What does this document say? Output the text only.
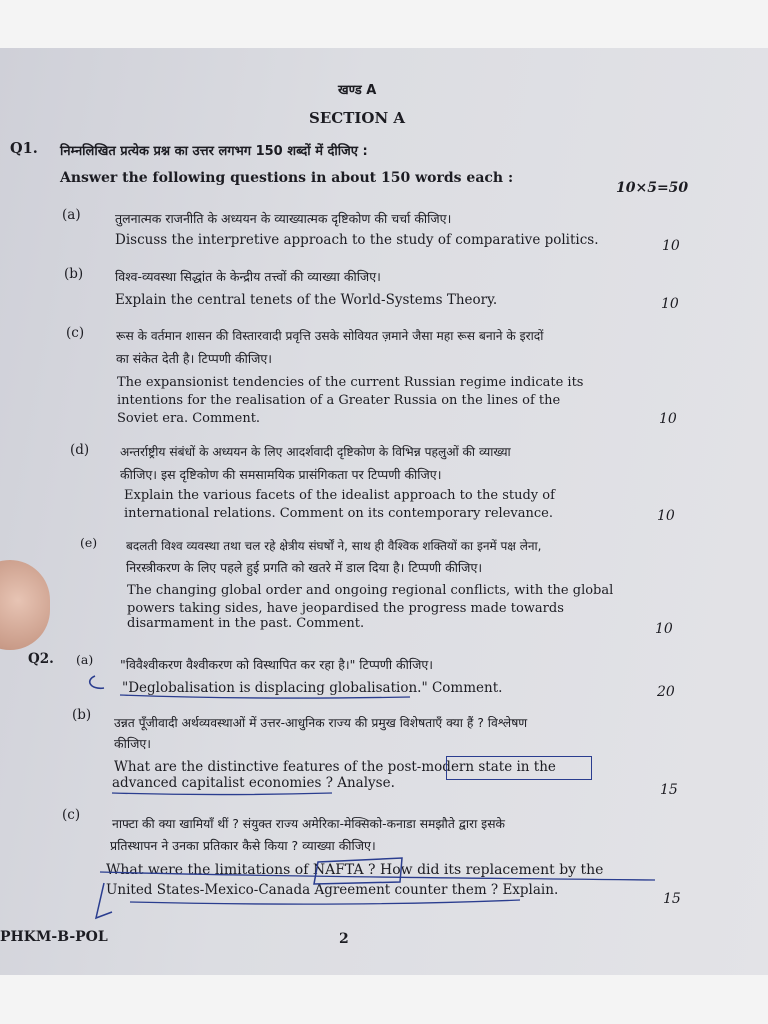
खण्ड A
SECTION A
Q1. निम्नलिखित प्रत्येक प्रश्न का उत्तर लगभग 150 शब्दों में दीजिए :
Answer the following questions in about 150 words each :
10×5=50
(a)	तुलनात्मक राजनीति के अध्ययन के व्याख्यात्मक दृष्टिकोण की चर्चा कीजिए।
Discuss the interpretive approach to the study of comparative politics.	10
(b)	विश्व-व्यवस्था सिद्धांत के केन्द्रीय तत्त्वों की व्याख्या कीजिए।
Explain the central tenets of the World-Systems Theory.	10
(c)	रूस के वर्तमान शासन की विस्तारवादी प्रवृत्ति उसके सोवियत ज़माने जैसा महा रूस बनाने के इरादों
का संकेत देती है। टिप्पणी कीजिए।
The expansionist tendencies of the current Russian regime indicate its
intentions for the realisation of a Greater Russia on the lines of the
Soviet era. Comment.	10
(d)	अन्तर्राष्ट्रीय संबंधों के अध्ययन के लिए आदर्शवादी दृष्टिकोण के विभिन्न पहलुओं की व्याख्या
कीजिए। इस दृष्टिकोण की समसामयिक प्रासंगिकता पर टिप्पणी कीजिए।
Explain the various facets of the idealist approach to the study of
international relations. Comment on its contemporary relevance.	10
(e) बदलती विश्व व्यवस्था तथा चल रहे क्षेत्रीय संघर्षों ने, साथ ही वैश्विक शक्तियों का इनमें पक्ष लेना,
निरस्त्रीकरण के लिए पहले हुई प्रगति को खतरे में डाल दिया है। टिप्पणी कीजिए।
The changing global order and ongoing regional conflicts, with the global
powers taking sides, have jeopardised the progress made towards
disarmament in the past. Comment.	10
Q2. (a) "विवैश्वीकरण वैश्वीकरण को विस्थापित कर रहा है।" टिप्पणी कीजिए।
"Deglobalisation is displacing globalisation." Comment.	20
(b) उन्नत पूँजीवादी अर्थव्यवस्थाओं में उत्तर-आधुनिक राज्य की प्रमुख विशेषताएँ क्या हैं ? विश्लेषण
कीजिए।
What are the distinctive features of the post-modern state in the
advanced capitalist economies ? Analyse.	15
(c)
नाफ्टा की क्या खामियाँ थीं ? संयुक्त राज्य अमेरिका-मेक्सिको-कनाडा समझौते द्वारा इसके
प्रतिस्थापन ने उनका प्रतिकार कैसे किया ? व्याख्या कीजिए।
What were the limitations of NAFTA ? How did its replacement by the
United States-Mexico-Canada Agreement counter them ? Explain.
15
PHKM-B-POL	2
